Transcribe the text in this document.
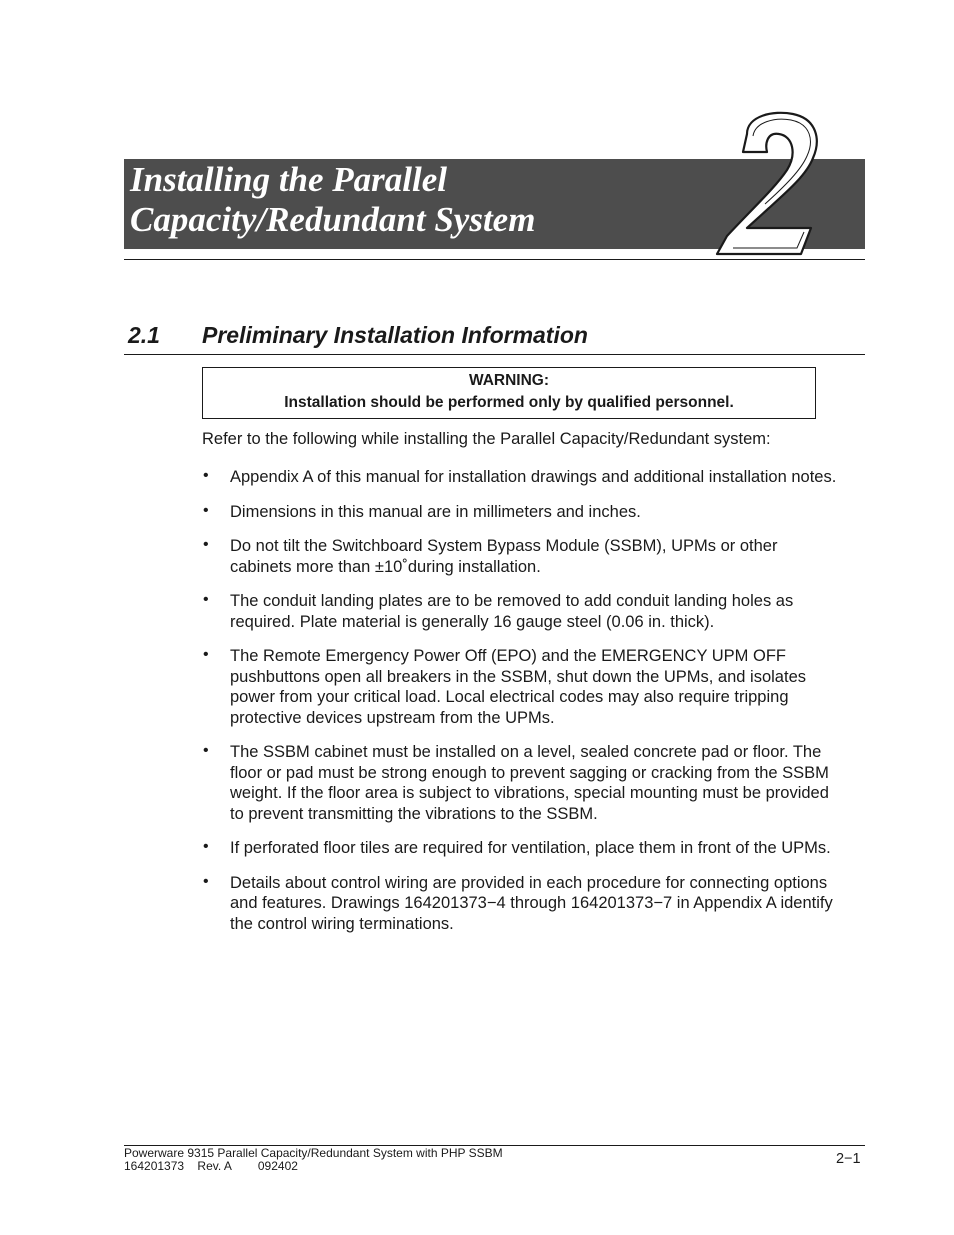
Installing the Parallel
Capacity/Redundant System
2
2.1 Preliminary Installation Information
WARNING:
Installation should be performed only by qualified personnel.

Refer to the following while installing the Parallel Capacity/Redundant system:

• Appendix A of this manual for installation drawings and additional installation notes.
• Dimensions in this manual are in millimeters and inches.
• Do not tilt the Switchboard System Bypass Module (SSBM), UPMs or other cabinets more than ±10˚during installation.
• The conduit landing plates are to be removed to add conduit landing holes as required. Plate material is generally 16 gauge steel (0.06 in. thick).
• The Remote Emergency Power Off (EPO) and the EMERGENCY UPM OFF pushbuttons open all breakers in the SSBM, shut down the UPMs, and isolates power from your critical load. Local electrical codes may also require tripping protective devices upstream from the UPMs.
• The SSBM cabinet must be installed on a level, sealed concrete pad or floor. The floor or pad must be strong enough to prevent sagging or cracking from the SSBM weight. If the floor area is subject to vibrations, special mounting must be provided to prevent transmitting the vibrations to the SSBM.
• If perforated floor tiles are required for ventilation, place them in front of the UPMs.
• Details about control wiring are provided in each procedure for connecting options and features. Drawings 164201373−4 through 164201373−7 in Appendix A identify the control wiring terminations.
Powerware 9315 Parallel Capacity/Redundant System with PHP SSBM
164201373    Rev. A        092402	2−1
